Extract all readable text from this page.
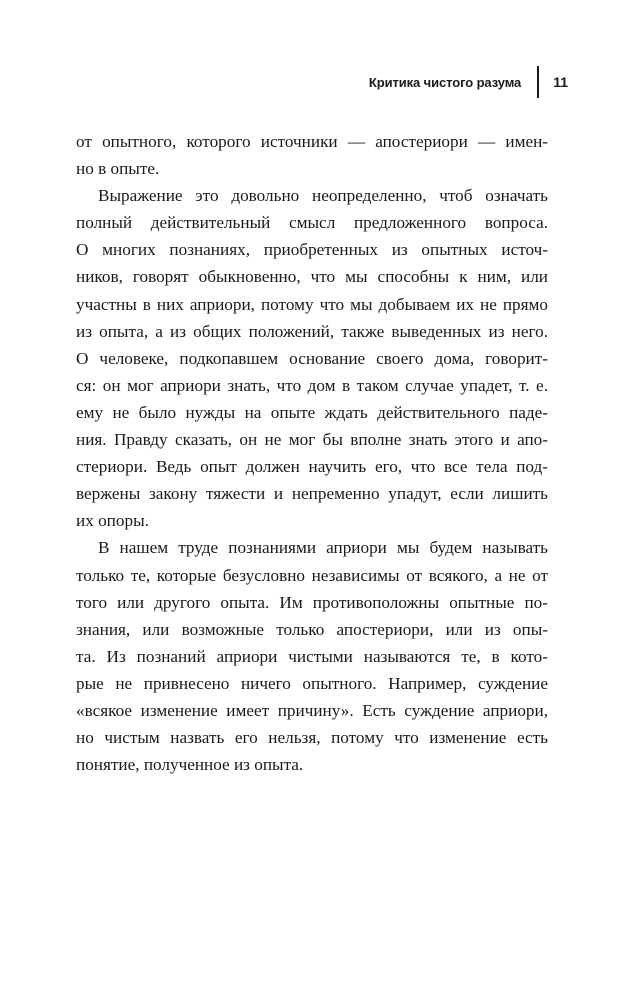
Критика чистого разума 11
от опытного, которого источники — апостериори — имен-
но в опыте.
Выражение это довольно неопределенно, чтоб означать
полный действительный смысл предложенного вопроса.
О многих познаниях, приобретенных из опытных источ-
ников, говорят обыкновенно, что мы способны к ним, или
участны в них априори, потому что мы добываем их не прямо
из опыта, а из общих положений, также выведенных из него.
О человеке, подкопавшем основание своего дома, говорит-
ся: он мог априори знать, что дом в таком случае упадет, т. е.
ему не было нужды на опыте ждать действительного паде-
ния. Правду сказать, он не мог бы вполне знать этого и апо-
стериори. Ведь опыт должен научить его, что все тела под-
вержены закону тяжести и непременно упадут, если лишить
их опоры.
В нашем труде познаниями априори мы будем называть
только те, которые безусловно независимы от всякого, а не от
того или другого опыта. Им противоположны опытные по-
знания, или возможные только апостериори, или из опы-
та. Из познаний априори чистыми называются те, в кото-
рые не привнесено ничего опытного. Например, суждение
«всякое изменение имеет причину». Есть суждение априори,
но чистым назвать его нельзя, потому что изменение есть
понятие, полученное из опыта.
